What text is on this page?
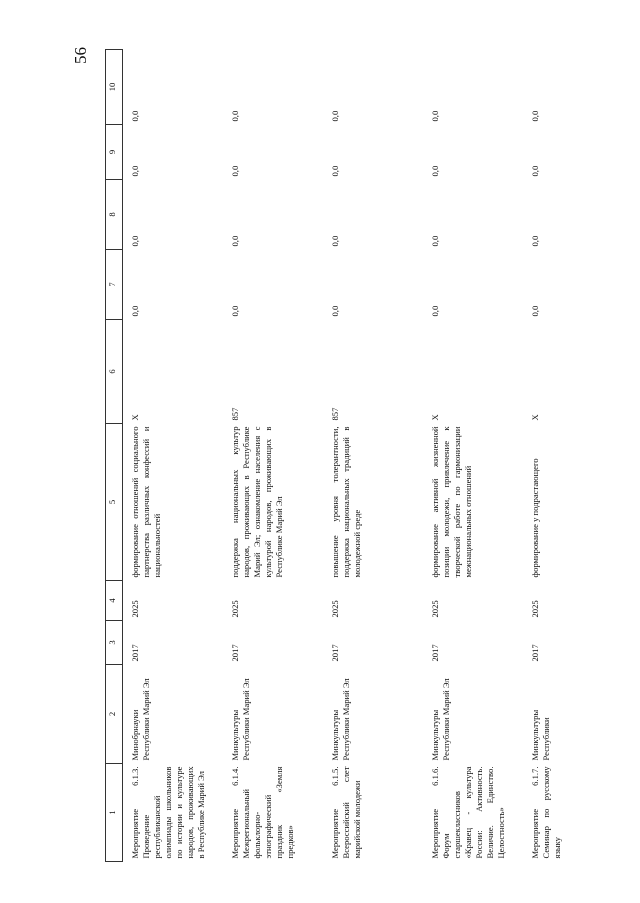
56
1	2	3	4	5	6	7	8	9	10

Мероприятие 6.1.3. Проведение республиканской олимпиады школьников по истории и культуре народов, проживающих в Республике Марий Эл	Минобрнауки Республики Марий Эл	2017	2025	формирование отношений социального партнерства различных конфессий и национальностей	X	0,0	0,0	0,0	0,0

Мероприятие 6.1.4. Межрегиональный фольклорно-этнографический праздник «Земля предков»	Минкультуры Республики Марий Эл	2017	2025	поддержка национальных культур народов, проживающих в Республике Марий Эл; ознакомление населения с культурой народов, проживающих в Республике Марий Эл	857	0,0	0,0	0,0	0,0

Мероприятие 6.1.5. Всероссийский слет марийской молодежи	Минкультуры Республики Марий Эл	2017	2025	повышение уровня толерантности, поддержка национальных традиций в молодежной среде	857	0,0	0,0	0,0	0,0

Мероприятие 6.1.6. Форум старшеклассников «Кравец - культура России: Активность. Величие. Единство. Целостность»	Минкультуры Республики Марий Эл	2017	2025	формирование активной жизненной позиции молодежи, привлечение к творческой работе по гармонизации межнациональных отношений	X	0,0	0,0	0,0	0,0

Мероприятие 6.1.7. Семинар по русскому языку	Минкультуры Республики	2017	2025	формирование у подрастающего	X	0,0	0,0	0,0	0,0
